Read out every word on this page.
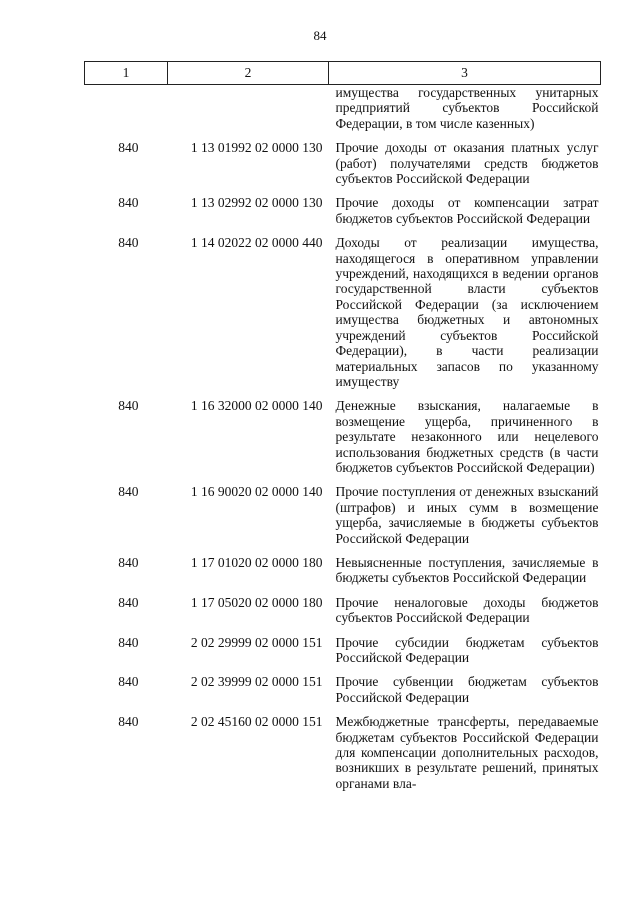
84
1	2	3
		имущества государственных унитарных предприятий субъектов Российской Федерации, в том числе казенных)
840	1 13 01992 02 0000 130	Прочие доходы от оказания платных услуг (работ) получателями средств бюджетов субъектов Российской Федерации
840	1 13 02992 02 0000 130	Прочие доходы от компенсации затрат бюджетов субъектов Российской Федерации
840	1 14 02022 02 0000 440	Доходы от реализации имущества, находящегося в оперативном управлении учреждений, находящихся в ведении органов государственной власти субъектов Российской Федерации (за исключением имущества бюджетных и автономных учреждений субъектов Российской Федерации), в части реализации материальных запасов по указанному имуществу
840	1 16 32000 02 0000 140	Денежные взыскания, налагаемые в возмещение ущерба, причиненного в результате незаконного или нецелевого использования бюджетных средств (в части бюджетов субъектов Российской Федерации)
840	1 16 90020 02 0000 140	Прочие поступления от денежных взысканий (штрафов) и иных сумм в возмещение ущерба, зачисляемые в бюджеты субъектов Российской Федерации
840	1 17 01020 02 0000 180	Невыясненные поступления, зачисляемые в бюджеты субъектов Российской Федерации
840	1 17 05020 02 0000 180	Прочие неналоговые доходы бюджетов субъектов Российской Федерации
840	2 02 29999 02 0000 151	Прочие субсидии бюджетам субъектов Российской Федерации
840	2 02 39999 02 0000 151	Прочие субвенции бюджетам субъектов Российской Федерации
840	2 02 45160 02 0000 151	Межбюджетные трансферты, передаваемые бюджетам субъектов Российской Федерации для компенсации дополнительных расходов, возникших в результате решений, принятых органами вла-
